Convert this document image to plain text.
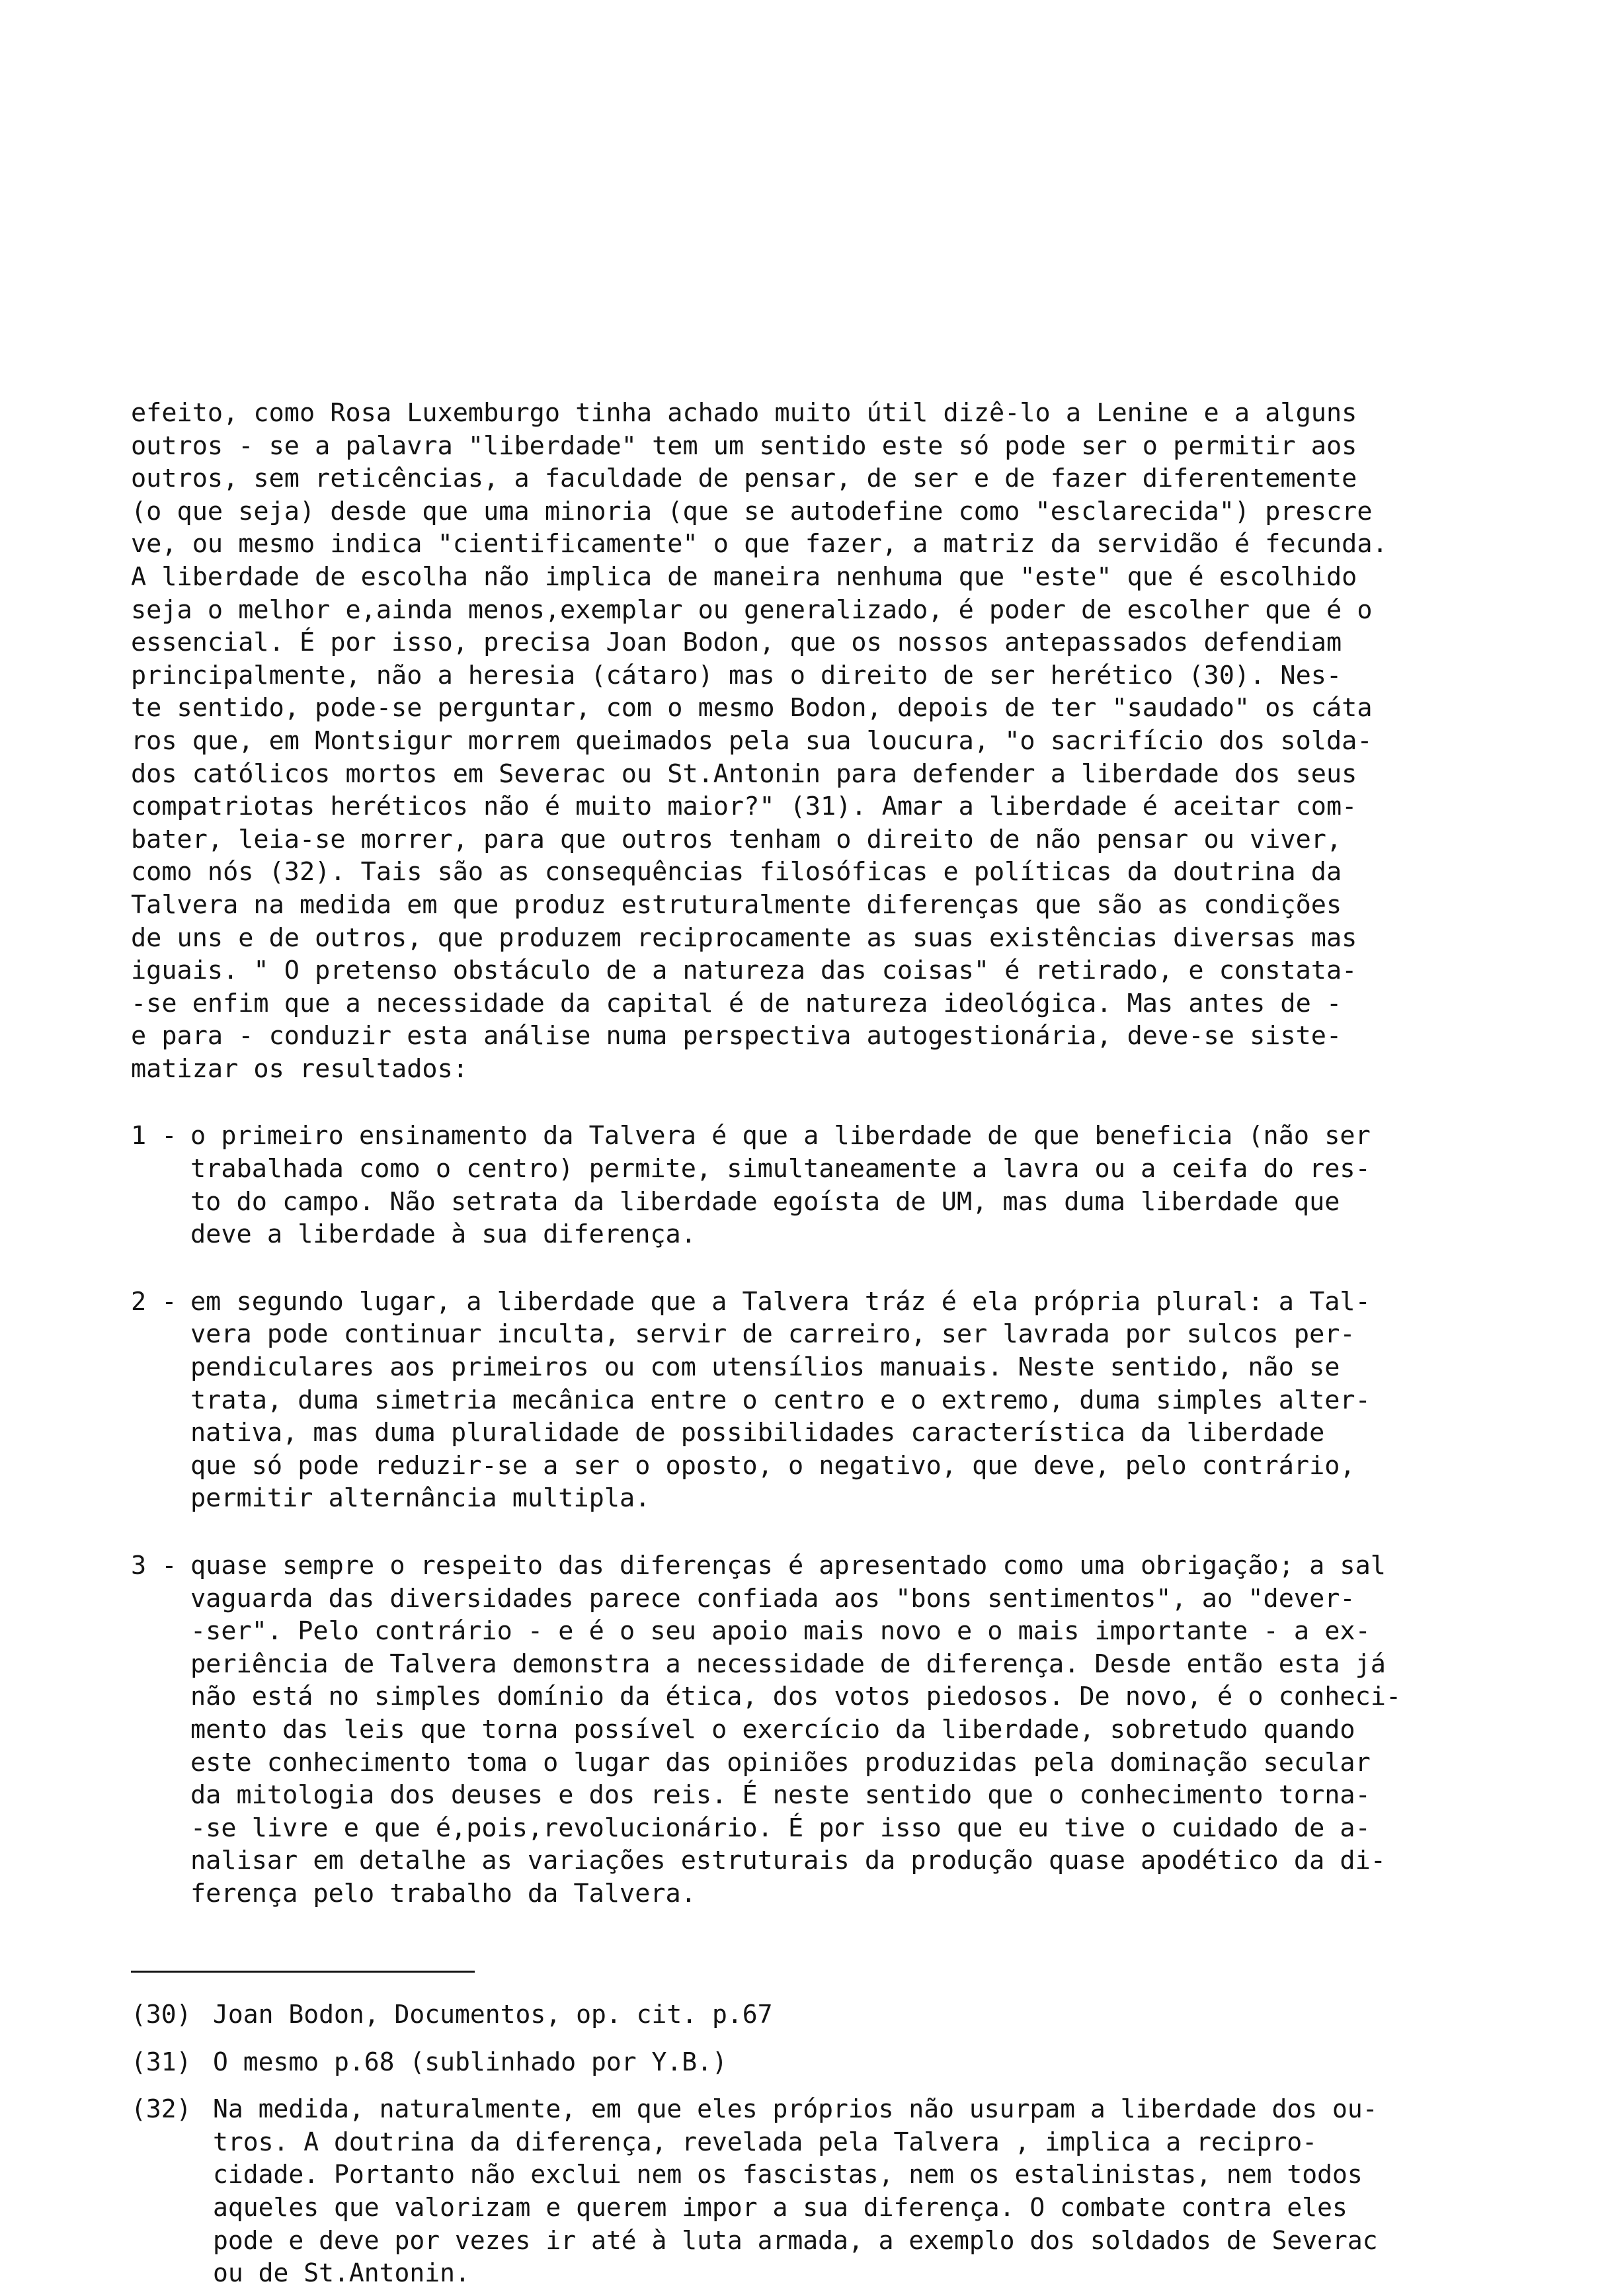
efeito, como Rosa Luxemburgo tinha achado muito útil dizê-lo a Lenine e a alguns
outros - se a palavra "liberdade" tem um sentido este só pode ser o permitir aos
outros, sem reticências, a faculdade de pensar, de ser e de fazer diferentemente
(o que seja) desde que uma minoria (que se autodefine como "esclarecida") prescre
ve, ou mesmo indica "cientificamente" o que fazer, a matriz da servidão é fecunda.
A liberdade de escolha não implica de maneira nenhuma que "este" que é escolhido
seja o melhor e,ainda menos,exemplar ou generalizado, é poder de escolher que é o
essencial. É por isso, precisa Joan Bodon, que os nossos antepassados defendiam
principalmente, não a heresia (cátaro) mas o direito de ser herético (30). Nes-
te sentido, pode-se perguntar, com o mesmo Bodon, depois de ter "saudado" os cáta
ros que, em Montsigur morrem queimados pela sua loucura, "o sacrifício dos solda-
dos católicos mortos em Severac ou St.Antonin para defender a liberdade dos seus
compatriotas heréticos não é muito maior?" (31). Amar a liberdade é aceitar com-
bater, leia-se morrer, para que outros tenham o direito de não pensar ou viver,
como nós (32). Tais são as consequências filosóficas e políticas da doutrina da
Talvera na medida em que produz estruturalmente diferenças que são as condições
de uns e de outros, que produzem reciprocamente as suas existências diversas mas
iguais. " O pretenso obstáculo de a natureza das coisas" é retirado, e constata-
-se enfim que a necessidade da capital é de natureza ideológica. Mas antes de -
e para - conduzir esta análise numa perspectiva autogestionária, deve-se siste-
matizar os resultados:
1 - o primeiro ensinamento da Talvera é que a liberdade de que beneficia (não ser
trabalhada como o centro) permite, simultaneamente a lavra ou a ceifa do res-
to do campo. Não setrata da liberdade egoísta de UM, mas duma liberdade que
deve a liberdade à sua diferença.
2 - em segundo lugar, a liberdade que a Talvera tráz é ela própria plural: a Tal-
vera pode continuar inculta, servir de carreiro, ser lavrada por sulcos per-
pendiculares aos primeiros ou com utensílios manuais. Neste sentido, não se
trata, duma simetria mecânica entre o centro e o extremo, duma simples alter-
nativa, mas duma pluralidade de possibilidades característica da liberdade
que só pode reduzir-se a ser o oposto, o negativo, que deve, pelo contrário,
permitir alternância multipla.
3 - quase sempre o respeito das diferenças é apresentado como uma obrigação; a sal
vaguarda das diversidades parece confiada aos "bons sentimentos", ao "dever-
-ser". Pelo contrário - e é o seu apoio mais novo e o mais importante - a ex-
periência de Talvera demonstra a necessidade de diferença. Desde então esta já
não está no simples domínio da ética, dos votos piedosos. De novo, é o conheci-
mento das leis que torna possível o exercício da liberdade, sobretudo quando
este conhecimento toma o lugar das opiniões produzidas pela dominação secular
da mitologia dos deuses e dos reis. É neste sentido que o conhecimento torna-
-se livre e que é,pois,revolucionário. É por isso que eu tive o cuidado de a-
nalisar em detalhe as variações estruturais da produção quase apodético da di-
ferença pelo trabalho da Talvera.
(30) Joan Bodon, Documentos, op. cit. p.67
(31) O mesmo p.68 (sublinhado por Y.B.)
(32) Na medida, naturalmente, em que eles próprios não usurpam a liberdade dos ou-
tros. A doutrina da diferença, revelada pela Talvera , implica a recipro-
cidade. Portanto não exclui nem os fascistas, nem os estalinistas, nem todos
aqueles que valorizam e querem impor a sua diferença. O combate contra eles
pode e deve por vezes ir até à luta armada, a exemplo dos soldados de Severac
ou de St.Antonin.
